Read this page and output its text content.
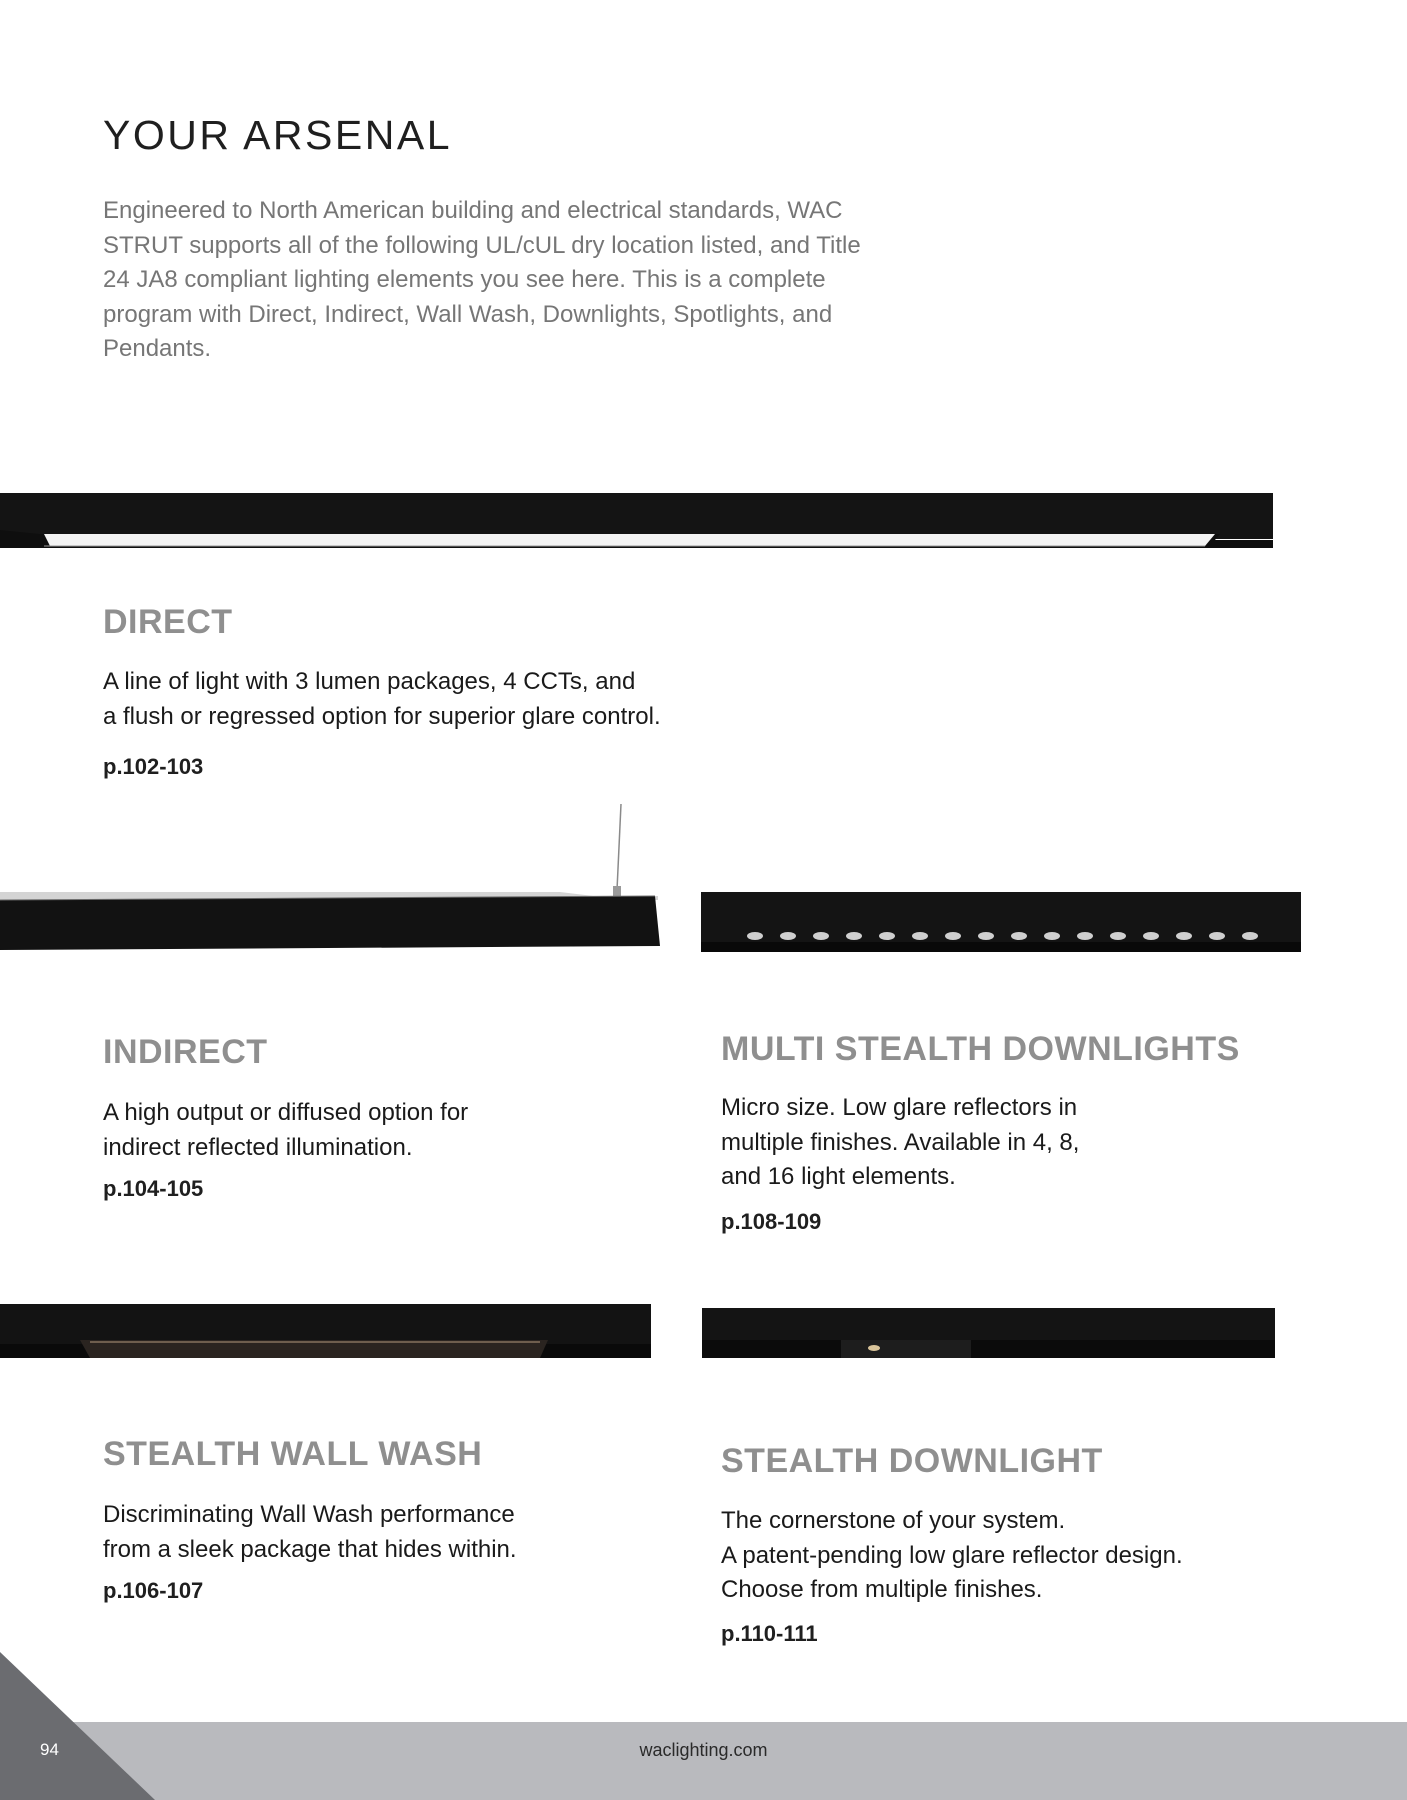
YOUR ARSENAL

Engineered to North American building and electrical standards, WAC STRUT supports all of the following UL/cUL dry location listed, and Title 24 JA8 compliant lighting elements you see here. This is a complete program with Direct, Indirect, Wall Wash, Downlights, Spotlights, and Pendants.

DIRECT

A line of light with 3 lumen packages, 4 CCTs, and

a flush or regressed option for superior glare control.

p.102-103

INDIRECT

A high output or diffused option for

indirect reflected illumination.

p.104-105

MULTI STEALTH DOWNLIGHTS

Micro size. Low glare reflectors in

multiple finishes. Available in 4, 8,

and 16 light elements.

p.108-109

STEALTH WALL WASH

Discriminating Wall Wash performance

from a sleek package that hides within.

p.106-107

STEALTH DOWNLIGHT

The cornerstone of your system.

A patent-pending low glare reflector design.

Choose from multiple finishes.

p.110-111

94	waclighting.com
